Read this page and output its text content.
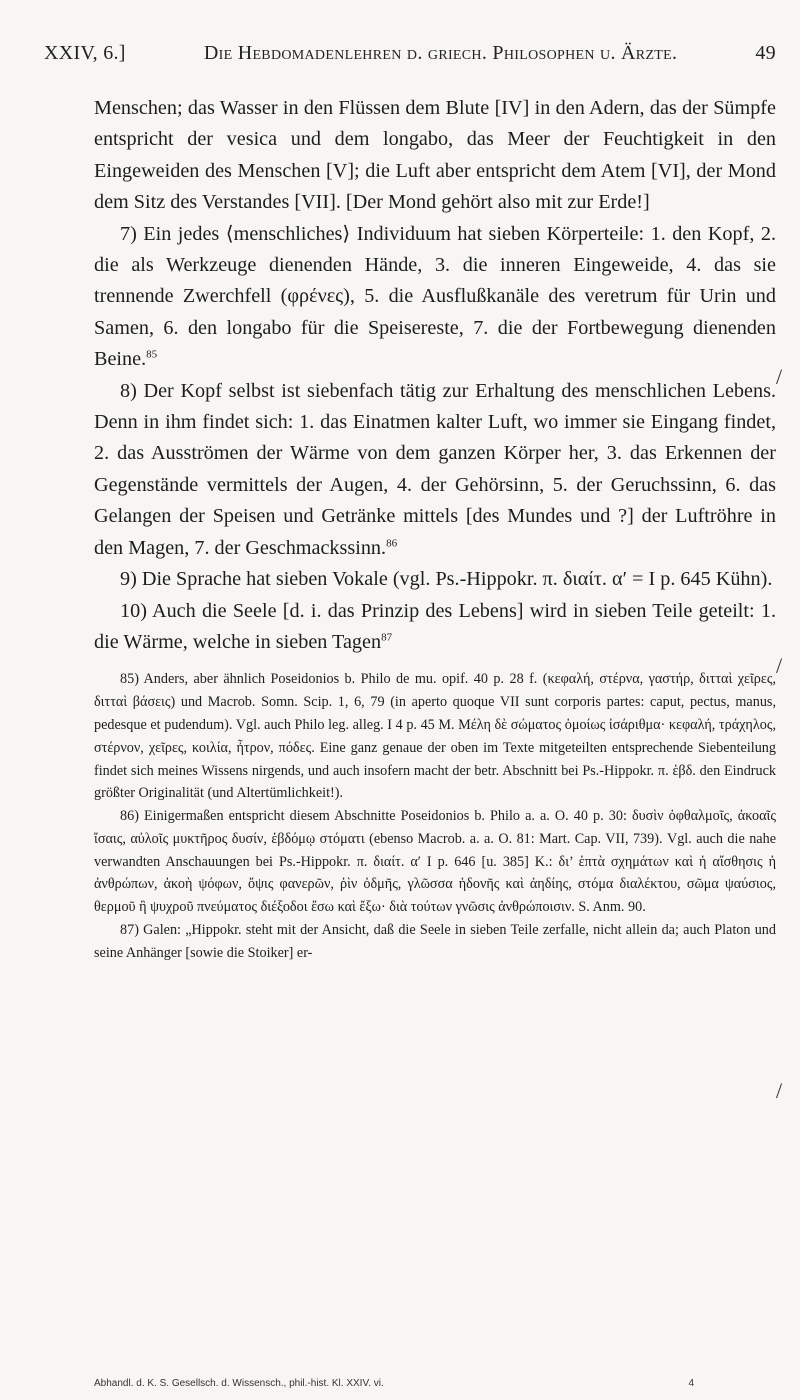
XXIV, 6.]	Die Hebdomadenlehren d. griech. Philosophen u. Ärzte.	49

Menschen; das Wasser in den Flüssen dem Blute [IV] in den Adern, das der Sümpfe entspricht der vesica und dem longabo, das Meer der Feuchtigkeit in den Eingeweiden des Menschen [V]; die Luft aber entspricht dem Atem [VI], der Mond dem Sitz des Verstandes [VII]. [Der Mond gehört also mit zur Erde!]

7) Ein jedes ⟨menschliches⟩ Individuum hat sieben Körperteile: 1. den Kopf, 2. die als Werkzeuge dienenden Hände, 3. die inneren Eingeweide, 4. das sie trennende Zwerchfell (φρένες), 5. die Ausflußkanäle des veretrum für Urin und Samen, 6. den longabo für die Speisereste, 7. die der Fortbewegung dienenden Beine.$^{85}$

8) Der Kopf selbst ist siebenfach tätig zur Erhaltung des menschlichen Lebens. Denn in ihm findet sich: 1. das Einatmen kalter Luft, wo immer sie Eingang findet, 2. das Ausströmen der Wärme von dem ganzen Körper her, 3. das Erkennen der Gegenstände vermittels der Augen, 4. der Gehörsinn, 5. der Geruchssinn, 6. das Gelangen der Speisen und Getränke mittels [des Mundes und ?] der Luftröhre in den Magen, 7. der Geschmackssinn.$^{86}$

9) Die Sprache hat sieben Vokale (vgl. Ps.-Hippokr. π. διαίτ. α′ = I p. 645 Kühn).

10) Auch die Seele [d. i. das Prinzip des Lebens] wird in sieben Teile geteilt: 1. die Wärme, welche in sieben Tagen$^{87}$

85) Anders, aber ähnlich Poseidonios b. Philo de mu. opif. 40 p. 28 f. (κεφαλή, στέρνα, γαστήρ, διτταὶ χεῖρες, διτταὶ βάσεις) und Macrob. Somn. Scip. 1, 6, 79 (in aperto quoque VII sunt corporis partes: caput, pectus, manus, pedesque et pudendum). Vgl. auch Philo leg. alleg. I 4 p. 45 M. Μέλη δὲ σώματος ὁμοίως ἰσάριθμα· κεφαλή, τράχηλος, στέρνον, χεῖρες, κοιλία, ἦτρον, πόδες. Eine ganz genaue der oben im Texte mitgeteilten entsprechende Siebenteilung findet sich meines Wissens nirgends, und auch insofern macht der betr. Abschnitt bei Ps.-Hippokr. π. ἑβδ. den Eindruck größter Originalität (und Altertümlichkeit!).

86) Einigermaßen entspricht diesem Abschnitte Poseidonios b. Philo a. a. O. 40 p. 30: δυσὶν ὀφθαλμοῖς, ἀκοαῖς ἴσαις, αὐλοῖς μυκτῆρος δυσίν, ἑβδόμῳ στόματι (ebenso Macrob. a. a. O. 81: Mart. Cap. VII, 739). Vgl. auch die nahe verwandten Anschauungen bei Ps.-Hippokr. π. διαίτ. α′ I p. 646 [u. 385] K.: δι’ ἑπτὰ σχημάτων καὶ ἡ αἴσθησις ἡ ἀνθρώπων, ἀκοὴ ψόφων, ὄψις φανερῶν, ῥὶν ὀδμῆς, γλῶσσα ἡδονῆς καὶ ἀηδίης, στόμα διαλέκτου, σῶμα ψαύσιος, θερμοῦ ἢ ψυχροῦ πνεύματος διέξοδοι ἔσω καὶ ἔξω· διὰ τούτων γνῶσις ἀνθρώποισιν. S. Anm. 90.

87) Galen: „Hippokr. steht mit der Ansicht, daß die Seele in sieben Teile zerfalle, nicht allein da; auch Platon und seine Anhänger [sowie die Stoiker] er-

/
/
/
Abhandl. d. K. S. Gesellsch. d. Wissensch., phil.-hist. Kl. XXIV. vi.	4
